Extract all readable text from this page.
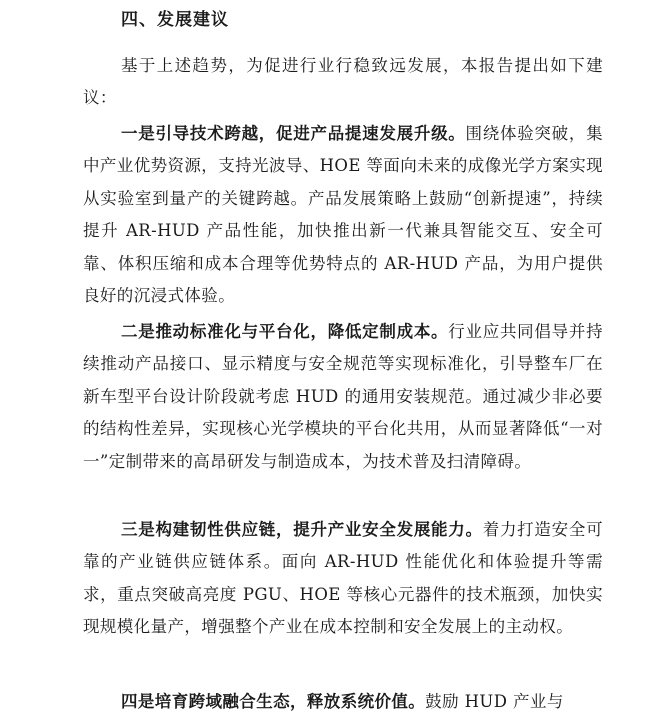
四、发展建议

基于上述趋势，为促进行业行稳致远发展，本报告提出如下建议：

一是引导技术跨越，促进产品提速发展升级。围绕体验突破，集中产业优势资源，支持光波导、HOE 等面向未来的成像光学方案实现从实验室到量产的关键跨越。产品发展策略上鼓励“创新提速”，持续提升 AR-HUD 产品性能，加快推出新一代兼具智能交互、安全可靠、体积压缩和成本合理等优势特点的 AR-HUD 产品，为用户提供良好的沉浸式体验。

二是推动标准化与平台化，降低定制成本。行业应共同倡导并持续推动产品接口、显示精度与安全规范等实现标准化，引导整车厂在新车型平台设计阶段就考虑 HUD 的通用安装规范。通过减少非必要的结构性差异，实现核心光学模块的平台化共用，从而显著降低“一对一”定制带来的高昂研发与制造成本，为技术普及扫清障碍。

三是构建韧性供应链，提升产业安全发展能力。着力打造安全可靠的产业链供应链体系。面向 AR-HUD 性能优化和体验提升等需求，重点突破高亮度 PGU、HOE 等核心元器件的技术瓶颈，加快实现规模化量产，增强整个产业在成本控制和安全发展上的主动权。

四是培育跨域融合生态，释放系统价值。鼓励 HUD 产业与
